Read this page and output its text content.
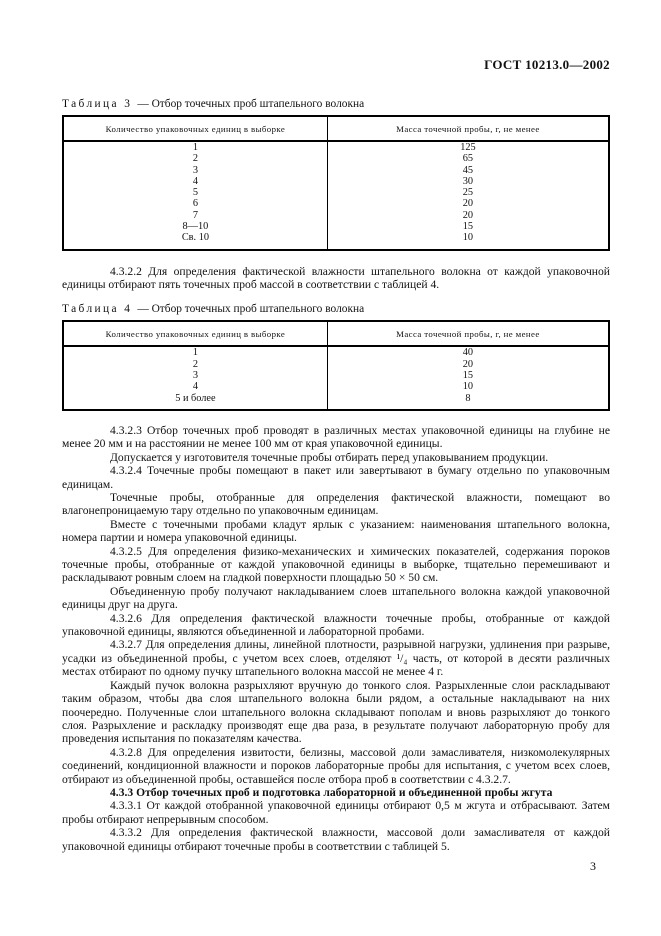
ГОСТ 10213.0—2002
Таблица 3 — Отбор точечных проб штапельного волокна
Количество упаковочных единиц в выборке	Масса точечной пробы, г, не менее
1	125
2	65
3	45
4	30
5	25
6	20
7	20
8—10	15
Св. 10	10

4.3.2.2 Для определения фактической влажности штапельного волокна от каждой упаковочной единицы отбирают пять точечных проб массой в соответствии с таблицей 4.

Таблица 4 — Отбор точечных проб штапельного волокна
Количество упаковочных единиц в выборке	Масса точечной пробы, г, не менее
1	40
2	20
3	15
4	10
5 и более	8

4.3.2.3 Отбор точечных проб проводят в различных местах упаковочной единицы на глубине не менее 20 мм и на расстоянии не менее 100 мм от края упаковочной единицы.

Допускается у изготовителя точечные пробы отбирать перед упаковыванием продукции.

4.3.2.4 Точечные пробы помещают в пакет или завертывают в бумагу отдельно по упаковочным единицам.

Точечные пробы, отобранные для определения фактической влажности, помещают во влагонепроницаемую тару отдельно по упаковочным единицам.

Вместе с точечными пробами кладут ярлык с указанием: наименования штапельного волокна, номера партии и номера упаковочной единицы.

4.3.2.5 Для определения физико-механических и химических показателей, содержания пороков точечные пробы, отобранные от каждой упаковочной единицы в выборке, тщательно перемешивают и раскладывают ровным слоем на гладкой поверхности площадью 50 × 50 см.

Объединенную пробу получают накладыванием слоев штапельного волокна каждой упаковочной единицы друг на друга.

4.3.2.6 Для определения фактической влажности точечные пробы, отобранные от каждой упаковочной единицы, являются объединенной и лабораторной пробами.

4.3.2.7 Для определения длины, линейной плотности, разрывной нагрузки, удлинения при разрыве, усадки из объединенной пробы, с учетом всех слоев, отделяют ¹/₄ часть, от которой в десяти различных местах отбирают по одному пучку штапельного волокна массой не менее 4 г.

Каждый пучок волокна разрыхляют вручную до тонкого слоя. Разрыхленные слои раскладывают таким образом, чтобы два слоя штапельного волокна были рядом, а остальные накладывают на них поочередно. Полученные слои штапельного волокна складывают пополам и вновь разрыхляют до тонкого слоя. Разрыхление и раскладку производят еще два раза, в результате получают лабораторную пробу для проведения испытания по показателям качества.

4.3.2.8 Для определения извитости, белизны, массовой доли замасливателя, низкомолекулярных соединений, кондиционной влажности и пороков лабораторные пробы для испытания, с учетом всех слоев, отбирают из объединенной пробы, оставшейся после отбора проб в соответствии с 4.3.2.7.

4.3.3 Отбор точечных проб и подготовка лабораторной и объединенной пробы жгута

4.3.3.1 От каждой отобранной упаковочной единицы отбирают 0,5 м жгута и отбрасывают. Затем пробы отбирают непрерывным способом.

4.3.3.2 Для определения фактической влажности, массовой доли замасливателя от каждой упаковочной единицы отбирают точечные пробы в соответствии с таблицей 5.

3
